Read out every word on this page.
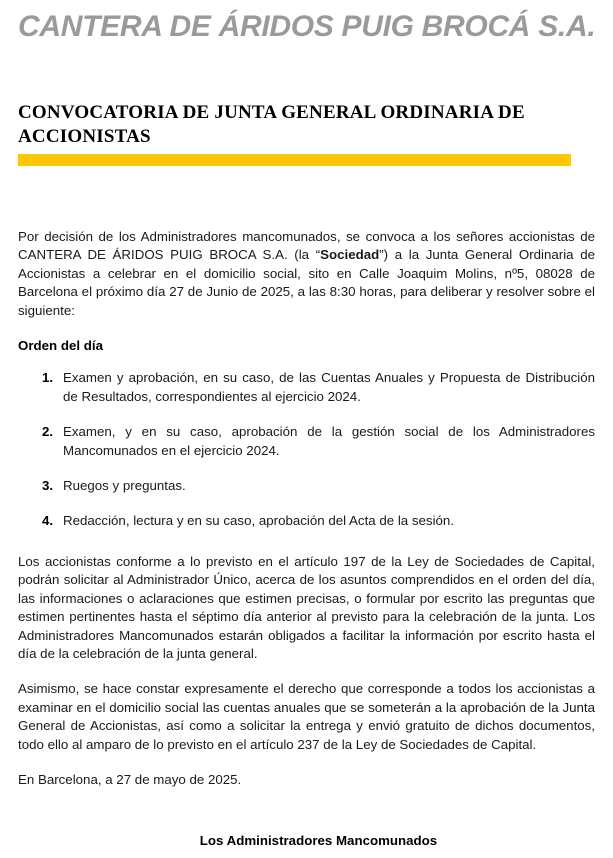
CANTERA DE ÁRIDOS PUIG BROCÁ S.A.
CONVOCATORIA DE JUNTA GENERAL ORDINARIA DE ACCIONISTAS

Por decisión de los Administradores mancomunados, se convoca a los señores accionistas de CANTERA DE ÁRIDOS PUIG BROCA S.A. (la “Sociedad”) a la Junta General Ordinaria de Accionistas a celebrar en el domicilio social, sito en Calle Joaquim Molins, nº5, 08028 de Barcelona el próximo día 27 de Junio de 2025, a las 8:30 horas, para deliberar y resolver sobre el siguiente:

Orden del día

1. Examen y aprobación, en su caso, de las Cuentas Anuales y Propuesta de Distribución de Resultados, correspondientes al ejercicio 2024.
2. Examen, y en su caso, aprobación de la gestión social de los Administradores Mancomunados en el ejercicio 2024.
3. Ruegos y preguntas.
4. Redacción, lectura y en su caso, aprobación del Acta de la sesión.

Los accionistas conforme a lo previsto en el artículo 197 de la Ley de Sociedades de Capital, podrán solicitar al Administrador Único, acerca de los asuntos comprendidos en el orden del día, las informaciones o aclaraciones que estimen precisas, o formular por escrito las preguntas que estimen pertinentes hasta el séptimo día anterior al previsto para la celebración de la junta. Los Administradores Mancomunados estarán obligados a facilitar la información por escrito hasta el día de la celebración de la junta general.

Asimismo, se hace constar expresamente el derecho que corresponde a todos los accionistas a examinar en el domicilio social las cuentas anuales que se someterán a la aprobación de la Junta General de Accionistas, así como a solicitar la entrega y envió gratuito de dichos documentos, todo ello al amparo de lo previsto en el artículo 237 de la Ley de Sociedades de Capital.

En Barcelona, a 27 de mayo de 2025.

Los Administradores Mancomunados
